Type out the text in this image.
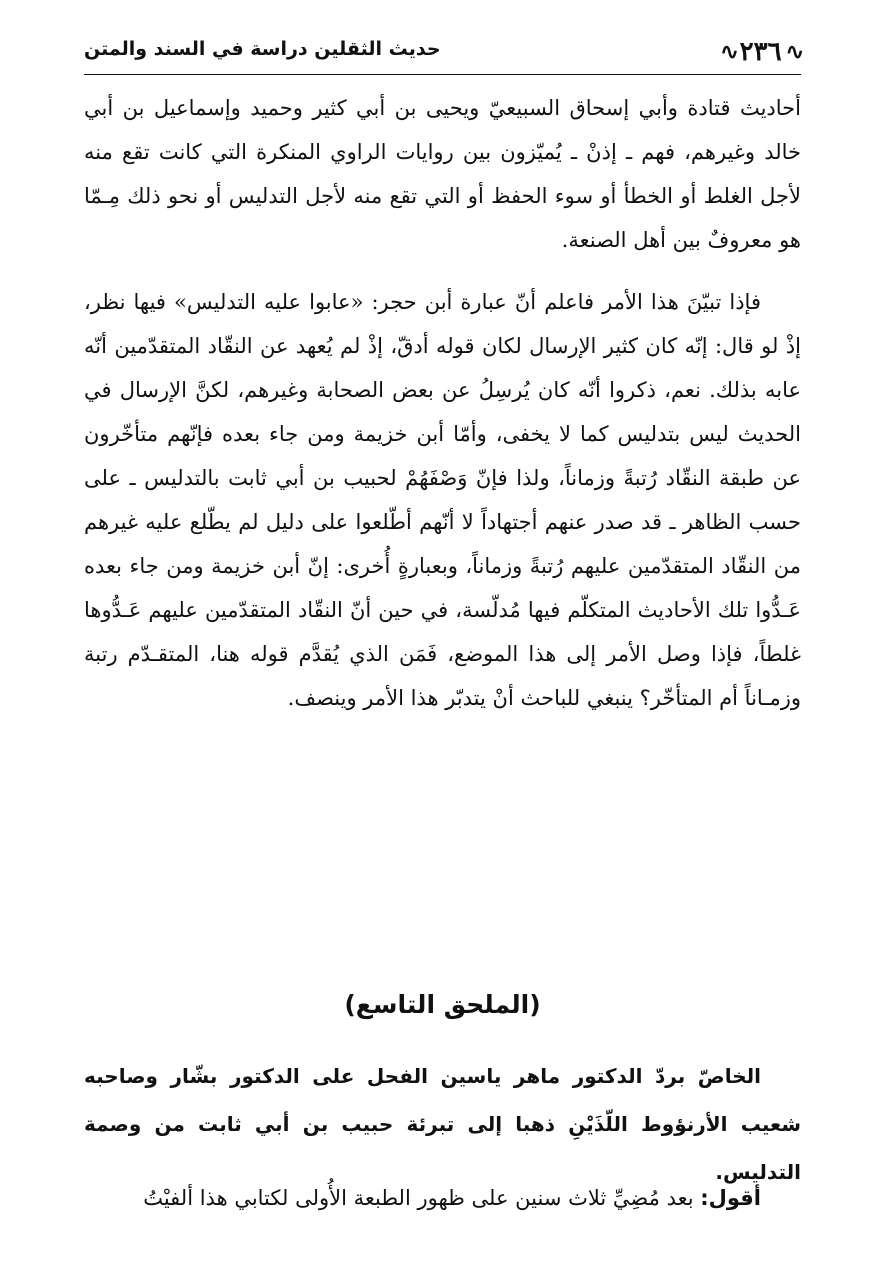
∿
٢٣٦
∿
حديث الثقلين دراسة في السند والمتن

أحاديث قتادة وأبي إسحاق السبيعيّ ويحيى بن أبي كثير وحميد وإسماعيل بن أبي خالد وغيرهم، فهم ـ إذنْ ـ يُميّزون بين روايات الراوي المنكرة التي كانت تقع منه لأجل الغلط أو الخطأ أو سوء الحفظ أو التي تقع منه لأجل التدليس أو نحو ذلك مِـمّا هو معروفٌ بين أهل الصنعة.

فإذا تبيّنَ هذا الأمر فاعلم أنّ عبارة أبن حجر: «عابوا عليه التدليس» فيها نظر، إذْ لو قال: إنّه كان كثير الإرسال لكان قوله أدقّ، إذْ لم يُعهد عن النقّاد المتقدّمين أنّه عابه بذلك. نعم، ذكروا أنّه كان يُرسِلُ عن بعض الصحابة وغيرهم، لكنَّ الإرسال في الحديث ليس بتدليس كما لا يخفى، وأمّا أبن خزيمة ومن جاء بعده فإنّهم متأخّرون عن طبقة النقّاد رُتبةً وزماناً، ولذا فإنّ وَصْفَهُمْ لحبيب بن أبي ثابت بالتدليس ـ على حسب الظاهر ـ قد صدر عنهم أجتهاداً لا أنّهم أطّلعوا على دليل لم يطّلع عليه غيرهم من النقّاد المتقدّمين عليهم رُتبةً وزماناً، وبعبارةٍ أُخرى: إنّ أبن خزيمة ومن جاء بعده عَـدُّوا تلك الأحاديث المتكلّم فيها مُدلّسة، في حين أنّ النقّاد المتقدّمين عليهم عَـدُّوها غلطاً، فإذا وصل الأمر إلى هذا الموضع، فَمَن الذي يُقدَّم قوله هنا، المتقـدّم رتبة وزمـاناً أم المتأخّر؟ ينبغي للباحث أنْ يتدبّر هذا الأمر وينصف.

(الملحق التاسع)

الخاصّ بردّ الدكتور ماهر ياسين الفحل على الدكتور بشّار وصاحبه شعيب الأرنؤوط اللّذَيْنِ ذهبا إلى تبرئة حبيب بن أبي ثابت من وصمة التدليس.

أقول: بعد مُضِيِّ ثلاث سنين على ظهور الطبعة الأُولى لكتابي هذا ألفيْتُ
